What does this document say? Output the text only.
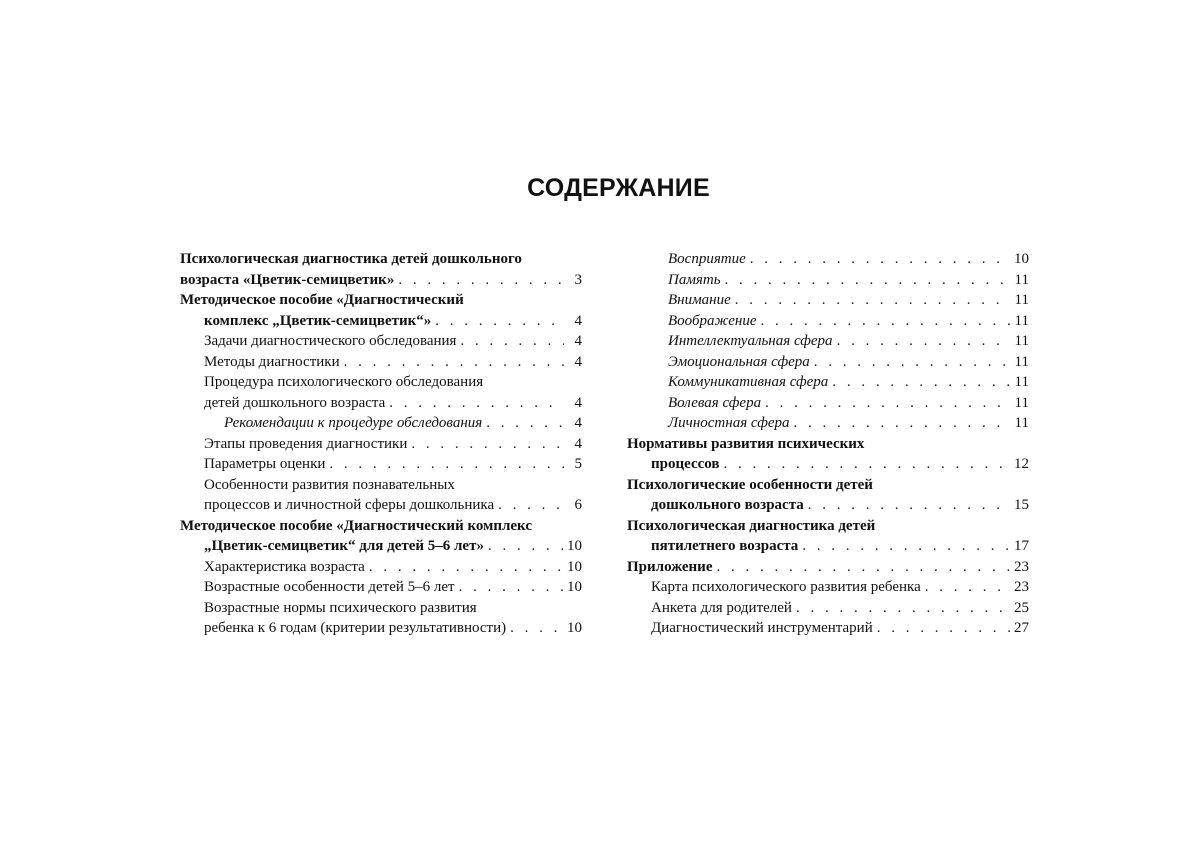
СОДЕРЖАНИЕ
Психологическая диагностика детей дошкольного
возраста «Цветик-семицветик» . . .	3
Методическое пособие «Диагностический
комплекс „Цветик-семицветик“» . . .	4
Задачи диагностического обследования . . .	4
Методы диагностики . . .	4
Процедура психологического обследования
детей дошкольного возраста . . .	4
Рекомендации к процедуре обследования . . .	4
Этапы проведения диагностики . . .	4
Параметры оценки . . .	5
Особенности развития познавательных
процессов и личностной сферы дошкольника . . .	6
Методическое пособие «Диагностический комплекс
„Цветик-семицветик“ для детей 5–6 лет» . . .	10
Характеристика возраста . . .	10
Возрастные особенности детей 5–6 лет . . .	10
Возрастные нормы психического развития
ребенка к 6 годам (критерии результативности) . . .	10
Восприятие . . .	10
Память . . .	11
Внимание . . .	11
Воображение . . .	11
Интеллектуальная сфера . . .	11
Эмоциональная сфера . . .	11
Коммуникативная сфера . . .	11
Волевая сфера . . .	11
Личностная сфера . . .	11
Нормативы развития психических
процессов . . .	12
Психологические особенности детей
дошкольного возраста . . .	15
Психологическая диагностика детей
пятилетнего возраста . . .	17
Приложение . . .	23
Карта психологического развития ребенка . . .	23
Анкета для родителей . . .	25
Диагностический инструментарий . . .	27
